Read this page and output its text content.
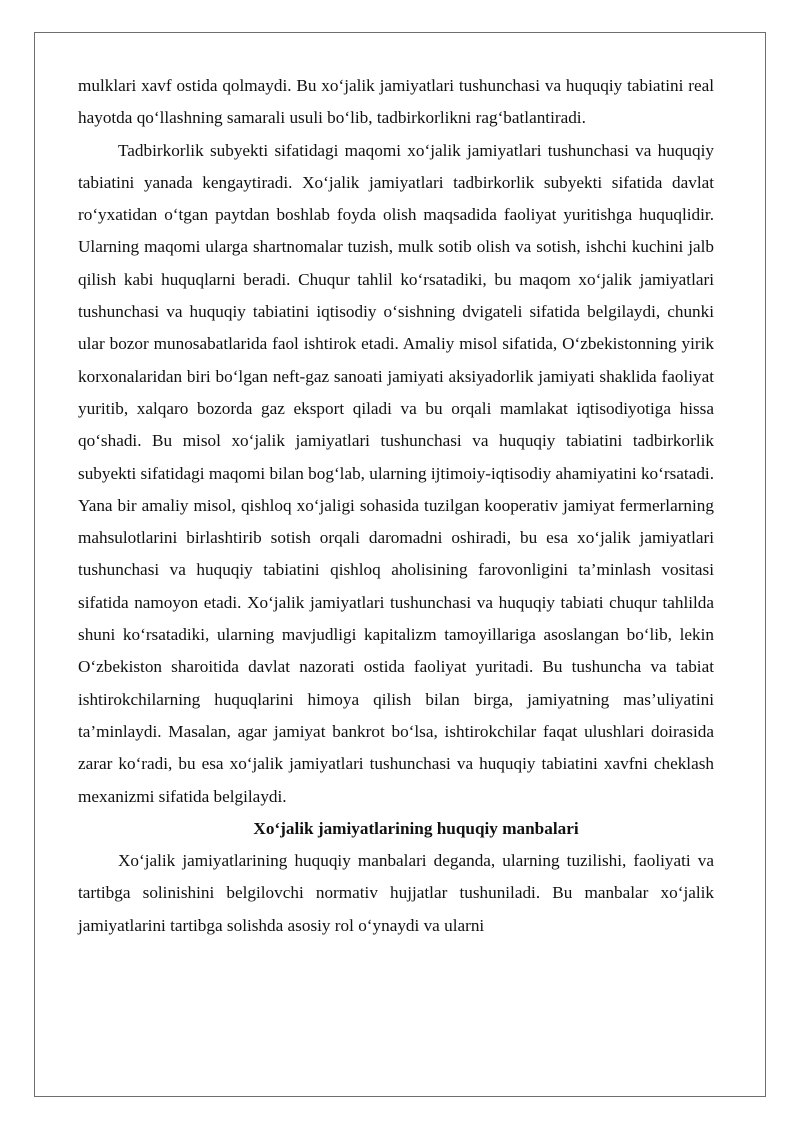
mulklari xavf ostida qolmaydi. Bu xo‘jalik jamiyatlari tushunchasi va huquqiy tabiatini real hayotda qo‘llashning samarali usuli bo‘lib, tadbirkorlikni rag‘batlantiradi.

Tadbirkorlik subyekti sifatidagi maqomi xo‘jalik jamiyatlari tushunchasi va huquqiy tabiatini yanada kengaytiradi. Xo‘jalik jamiyatlari tadbirkorlik subyekti sifatida davlat ro‘yxatidan o‘tgan paytdan boshlab foyda olish maqsadida faoliyat yuritishga huquqlidir. Ularning maqomi ularga shartnomalar tuzish, mulk sotib olish va sotish, ishchi kuchini jalb qilish kabi huquqlarni beradi. Chuqur tahlil ko‘rsatadiki, bu maqom xo‘jalik jamiyatlari tushunchasi va huquqiy tabiatini iqtisodiy o‘sishning dvigateli sifatida belgilaydi, chunki ular bozor munosabatlarida faol ishtirok etadi. Amaliy misol sifatida, O‘zbekistonning yirik korxonalaridan biri bo‘lgan neft-gaz sanoati jamiyati aksiyadorlik jamiyati shaklida faoliyat yuritib, xalqaro bozorda gaz eksport qiladi va bu orqali mamlakat iqtisodiyotiga hissa qo‘shadi. Bu misol xo‘jalik jamiyatlari tushunchasi va huquqiy tabiatini tadbirkorlik subyekti sifatidagi maqomi bilan bog‘lab, ularning ijtimoiy-iqtisodiy ahamiyatini ko‘rsatadi. Yana bir amaliy misol, qishloq xo‘jaligi sohasida tuzilgan kooperativ jamiyat fermerlarning mahsulotlarini birlashtirib sotish orqali daromadni oshiradi, bu esa xo‘jalik jamiyatlari tushunchasi va huquqiy tabiatini qishloq aholisining farovonligini ta’minlash vositasi sifatida namoyon etadi. Xo‘jalik jamiyatlari tushunchasi va huquqiy tabiati chuqur tahlilda shuni ko‘rsatadiki, ularning mavjudligi kapitalizm tamoyillariga asoslangan bo‘lib, lekin O‘zbekiston sharoitida davlat nazorati ostida faoliyat yuritadi. Bu tushuncha va tabiat ishtirokchilarning huquqlarini himoya qilish bilan birga, jamiyatning mas’uliyatini ta’minlaydi. Masalan, agar jamiyat bankrot bo‘lsa, ishtirokchilar faqat ulushlari doirasida zarar ko‘radi, bu esa xo‘jalik jamiyatlari tushunchasi va huquqiy tabiatini xavfni cheklash mexanizmi sifatida belgilaydi.

Xo‘jalik jamiyatlarining huquqiy manbalari

Xo‘jalik jamiyatlarining huquqiy manbalari deganda, ularning tuzilishi, faoliyati va tartibga solinishini belgilovchi normativ hujjatlar tushuniladi. Bu manbalar xo‘jalik jamiyatlarini tartibga solishda asosiy rol o‘ynaydi va ularni
